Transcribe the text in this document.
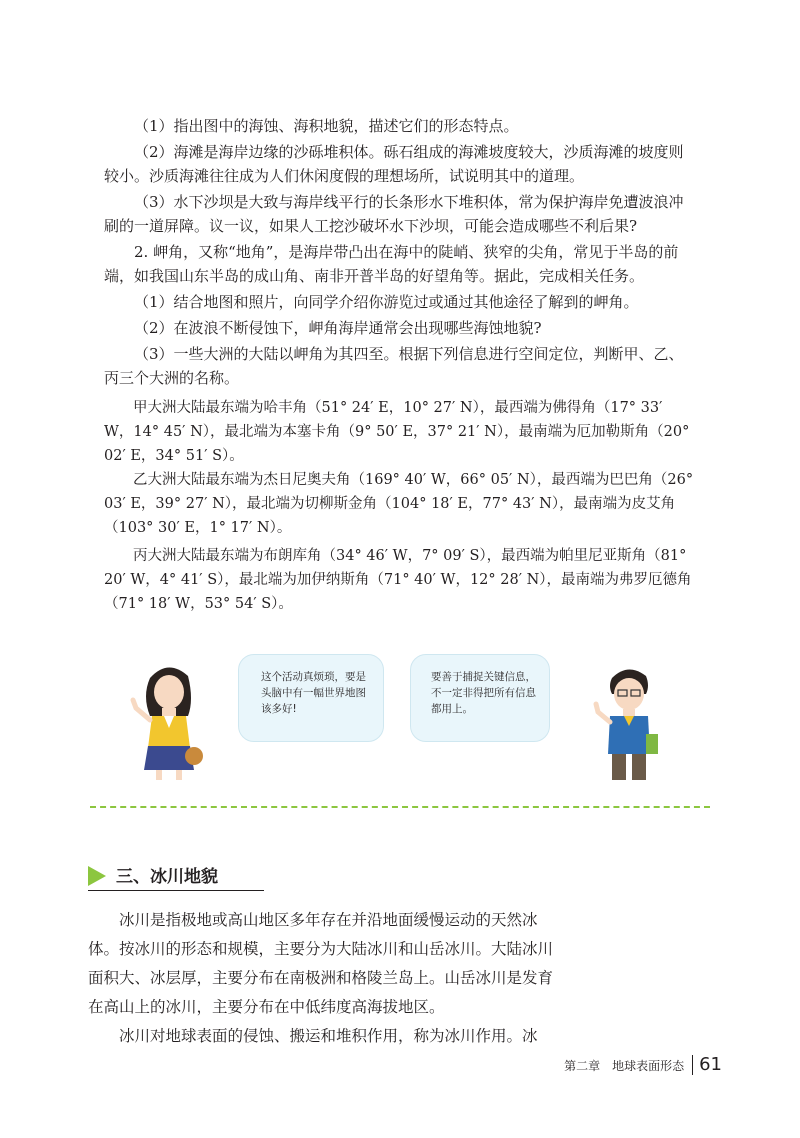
（1）指出图中的海蚀、海积地貌，描述它们的形态特点。
（2）海滩是海岸边缘的沙砾堆积体。砾石组成的海滩坡度较大，沙质海滩的坡度则较小。沙质海滩往往成为人们休闲度假的理想场所，试说明其中的道理。
（3）水下沙坝是大致与海岸线平行的长条形水下堆积体，常为保护海岸免遭波浪冲刷的一道屏障。议一议，如果人工挖沙破坏水下沙坝，可能会造成哪些不利后果?
2. 岬角，又称“地角”，是海岸带凸出在海中的陡峭、狭窄的尖角，常见于半岛的前端，如我国山东半岛的成山角、南非开普半岛的好望角等。据此，完成相关任务。
（1）结合地图和照片，向同学介绍你游览过或通过其他途径了解到的岬角。
（2）在波浪不断侵蚀下，岬角海岸通常会出现哪些海蚀地貌?
（3）一些大洲的大陆以岬角为其四至。根据下列信息进行空间定位，判断甲、乙、丙三个大洲的名称。
甲大洲大陆最东端为哈丰角（51° 24′ E，10° 27′ N），最西端为佛得角（17° 33′ W，14° 45′ N），最北端为本塞卡角（9° 50′ E，37° 21′ N），最南端为厄加勒斯角（20° 02′ E，34° 51′ S）。
乙大洲大陆最东端为杰日尼奥夫角（169° 40′ W，66° 05′ N），最西端为巴巴角（26° 03′ E，39° 27′ N），最北端为切柳斯金角（104° 18′ E，77° 43′ N），最南端为皮艾角（103° 30′ E，1° 17′ N）。
丙大洲大陆最东端为布朗库角（34° 46′ W，7° 09′ S），最西端为帕里尼亚斯角（81° 20′ W，4° 41′ S），最北端为加伊纳斯角（71° 40′ W，12° 28′ N），最南端为弗罗厄德角（71° 18′ W，53° 54′ S）。
这个活动真烦琐，要是头脑中有一幅世界地图该多好!
要善于捕捉关键信息，不一定非得把所有信息都用上。
三、冰川地貌
冰川是指极地或高山地区多年存在并沿地面缓慢运动的天然冰体。按冰川的形态和规模，主要分为大陆冰川和山岳冰川。大陆冰川面积大、冰层厚，主要分布在南极洲和格陵兰岛上。山岳冰川是发育在高山上的冰川，主要分布在中低纬度高海拔地区。
冰川对地球表面的侵蚀、搬运和堆积作用，称为冰川作用。冰
第二章　地球表面形态 61
